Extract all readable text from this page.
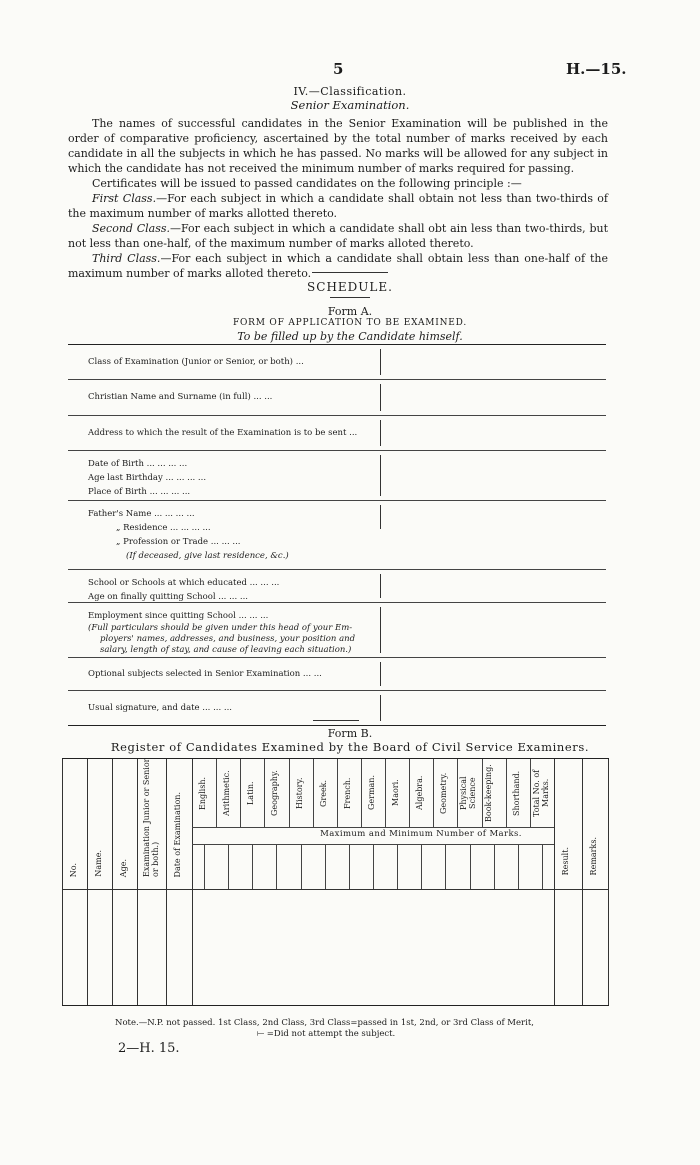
5	H.—15.
IV.—Classification.
Senior Examination.

The names of successful candidates in the Senior Examination will be published in the order of comparative proficiency, ascertained by the total number of marks received by each candidate in all the subjects in which he has passed. No marks will be allowed for any subject in which the candidate has not received the minimum number of marks required for passing.

Certificates will be issued to passed candidates on the following principle :—

First Class.—For each subject in which a candidate shall obtain not less than two-thirds of the maximum number of marks allotted thereto.

Second Class.—For each subject in which a candidate shall obt ain less than two-thirds, but not less than one-half, of the maximum number of marks alloted thereto.

Third Class.—For each subject in which a candidate shall obtain less than one-half of the maximum number of marks alloted thereto.

SCHEDULE.
Form A.
FORM OF APPLICATION TO BE EXAMINED.
To be filled up by the Candidate himself.
Class of Examination (Junior or Senior, or both) ...
Christian Name and Surname (in full) ... ...
Address to which the result of the Examination is to be sent ...
Date of Birth ... ... ... ...
Age last Birthday ... ... ... ...
Place of Birth ... ... ... ...
Father's Name ... ... ... ...
„ Residence ... ... ... ...
„ Profession or Trade ... ... ...
(If deceased, give last residence, &c.)
School or Schools at which educated ... ... ...
Age on finally quitting School ... ... ...
Employment since quitting School ... ... ...
(Full particulars should be given under this head of your Em-
ployers' names, addresses, and business, your position and
salary, length of stay, and cause of leaving each situation.)
Optional subjects selected in Senior Examination ... ...
Usual signature, and date ... ... ...
Form B.
Register of Candidates Examined by the Board of Civil Service Examiners.
No. Name. Age. Examination Junior or Senior or both.) Date of Examination. English. Arithmetic. Latin. Geography. History. Greek. French. German. Maori. Algebra. Geometry. Physical Science Book-keeping.	Shorthand. Total No. of Marks.
Maximum and Minimum Number of Marks.
Result. Remarks.
Note.—N.P. not passed. 1st Class, 2nd Class, 3rd Class=passed in 1st, 2nd, or 3rd Class of Merit,
⟝ =Did not attempt the subject.
2—H. 15.
